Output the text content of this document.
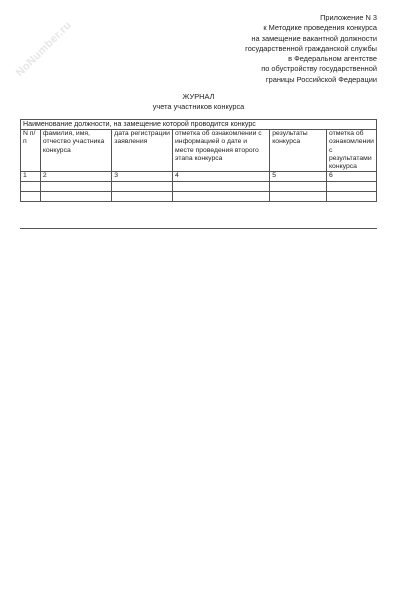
NoNumber.ru
Приложение N 3
к Методике проведения конкурса
на замещение вакантной должности
государственной гражданской службы
в Федеральном агентстве
по обустройству государственной
границы Российской Федерации
ЖУРНАЛ
учета участников конкурса
Наименование должности, на замещение которой проводится конкурс					
N п/п	фамилия, имя, отчество участника конкурса	дата регистрации заявления	отметка об ознакомлении с информацией о дате и месте проведения второго этапа конкурса	результаты конкурса	отметка об ознакомлении с результатами конкурса
1	2	3	4	5	6
